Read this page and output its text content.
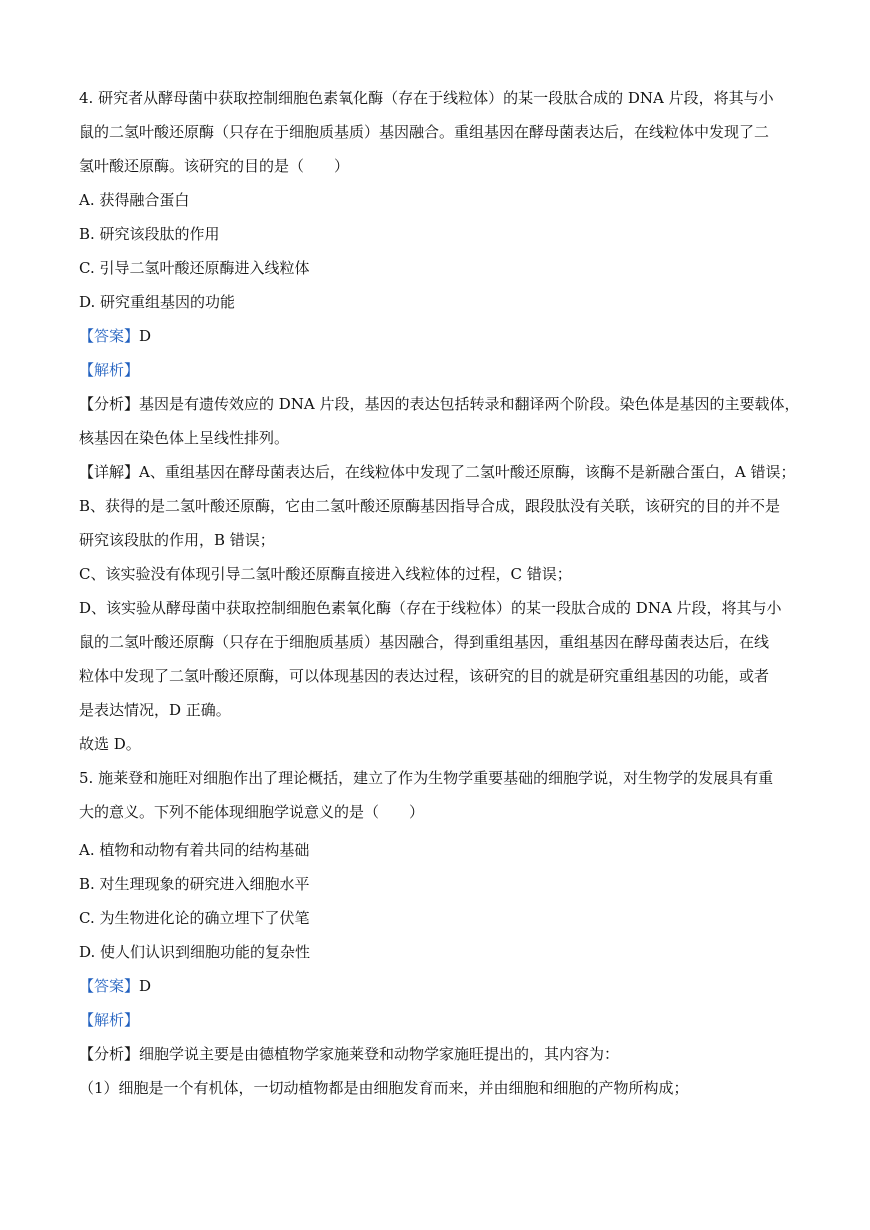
4. 研究者从酵母菌中获取控制细胞色素氧化酶（存在于线粒体）的某一段肽合成的 DNA 片段，将其与小
鼠的二氢叶酸还原酶（只存在于细胞质基质）基因融合。重组基因在酵母菌表达后，在线粒体中发现了二
氢叶酸还原酶。该研究的目的是（　　）
A. 获得融合蛋白
B. 研究该段肽的作用
C. 引导二氢叶酸还原酶进入线粒体
D. 研究重组基因的功能
【答案】D
【解析】
【分析】基因是有遗传效应的 DNA 片段，基因的表达包括转录和翻译两个阶段。染色体是基因的主要载体，
核基因在染色体上呈线性排列。
【详解】A、重组基因在酵母菌表达后，在线粒体中发现了二氢叶酸还原酶，该酶不是新融合蛋白，A 错误；
B、获得的是二氢叶酸还原酶，它由二氢叶酸还原酶基因指导合成，跟段肽没有关联，该研究的目的并不是
研究该段肽的作用，B 错误；
C、该实验没有体现引导二氢叶酸还原酶直接进入线粒体的过程，C 错误；
D、该实验从酵母菌中获取控制细胞色素氧化酶（存在于线粒体）的某一段肽合成的 DNA 片段，将其与小
鼠的二氢叶酸还原酶（只存在于细胞质基质）基因融合，得到重组基因，重组基因在酵母菌表达后，在线
粒体中发现了二氢叶酸还原酶，可以体现基因的表达过程，该研究的目的就是研究重组基因的功能，或者
是表达情况，D 正确。
故选 D。
5. 施莱登和施旺对细胞作出了理论概括，建立了作为生物学重要基础的细胞学说，对生物学的发展具有重
大的意义。下列不能体现细胞学说意义的是（　　）
A. 植物和动物有着共同的结构基础
B. 对生理现象的研究进入细胞水平
C. 为生物进化论的确立埋下了伏笔
D. 使人们认识到细胞功能的复杂性
【答案】D
【解析】
【分析】细胞学说主要是由德植物学家施莱登和动物学家施旺提出的，其内容为：
（1）细胞是一个有机体，一切动植物都是由细胞发育而来，并由细胞和细胞的产物所构成；
